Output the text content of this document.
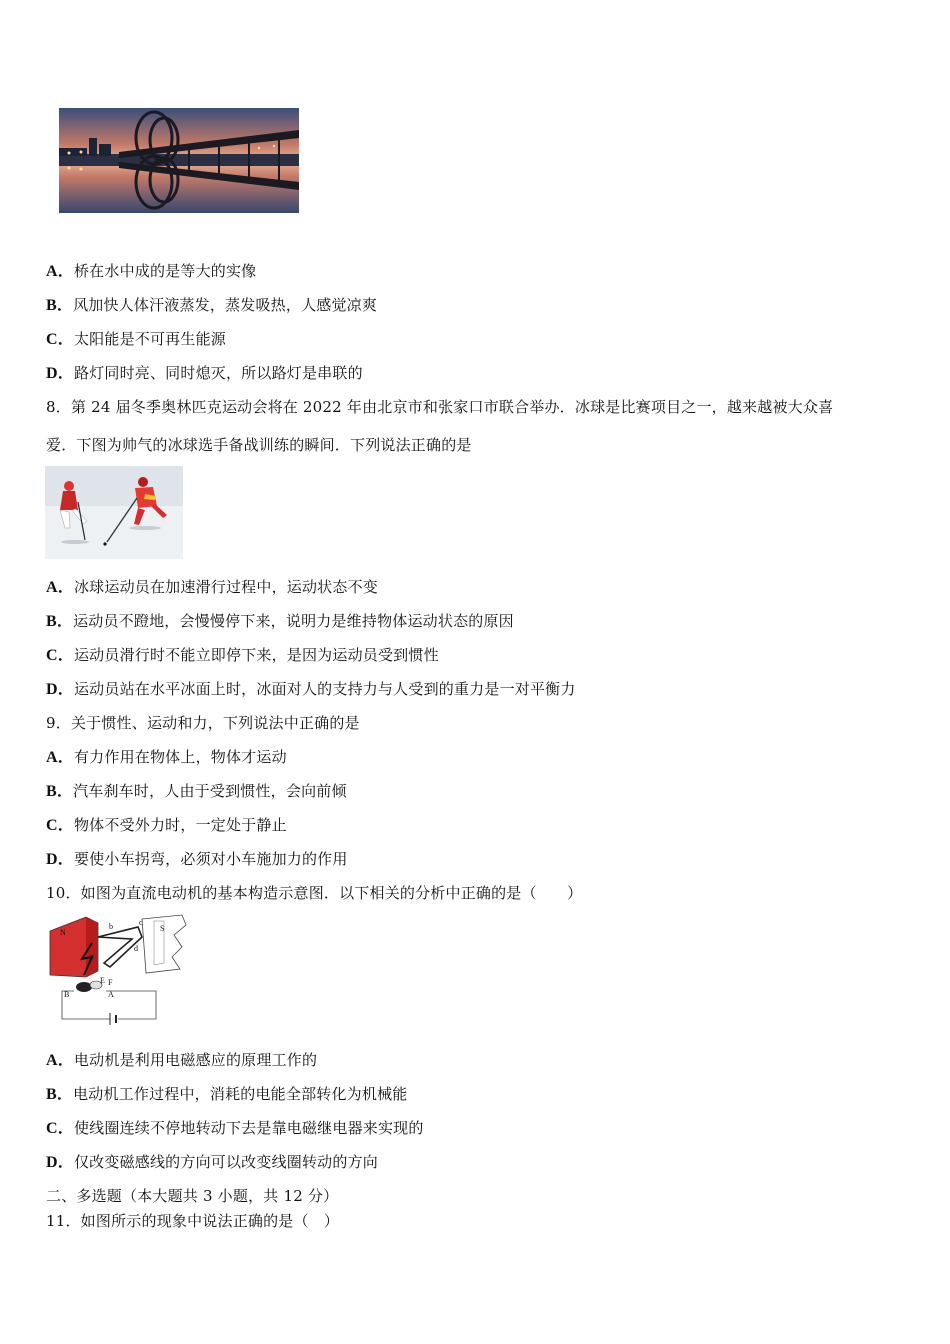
A．桥在水中成的是等大的实像
B．风加快人体汗液蒸发，蒸发吸热，人感觉凉爽
C．太阳能是不可再生能源
D．路灯同时亮、同时熄灭，所以路灯是串联的
8．第 24 届冬季奥林匹克运动会将在 2022 年由北京市和张家口市联合举办．冰球是比赛项目之一，越来越被大众喜
爱．下图为帅气的冰球选手备战训练的瞬间．下列说法正确的是
A．冰球运动员在加速滑行过程中，运动状态不变
B．运动员不蹬地，会慢慢停下来，说明力是维持物体运动状态的原因
C．运动员滑行时不能立即停下来，是因为运动员受到惯性
D．运动员站在水平冰面上时，冰面对人的支持力与人受到的重力是一对平衡力
9．关于惯性、运动和力，下列说法中正确的是
A．有力作用在物体上，物体才运动
B．汽车刹车时，人由于受到惯性，会向前倾
C．物体不受外力时，一定处于静止
D．要使小车拐弯，必须对小车施加力的作用
10．如图为直流电动机的基本构造示意图．以下相关的分析中正确的是（　　）
N	S
b	c
a
d
E F
B	A
A．电动机是利用电磁感应的原理工作的
B．电动机工作过程中，消耗的电能全部转化为机械能
C．使线圈连续不停地转动下去是靠电磁继电器来实现的
D．仅改变磁感线的方向可以改变线圈转动的方向
二、多选题（本大题共 3 小题，共 12 分）
11．如图所示的现象中说法正确的是（　）
